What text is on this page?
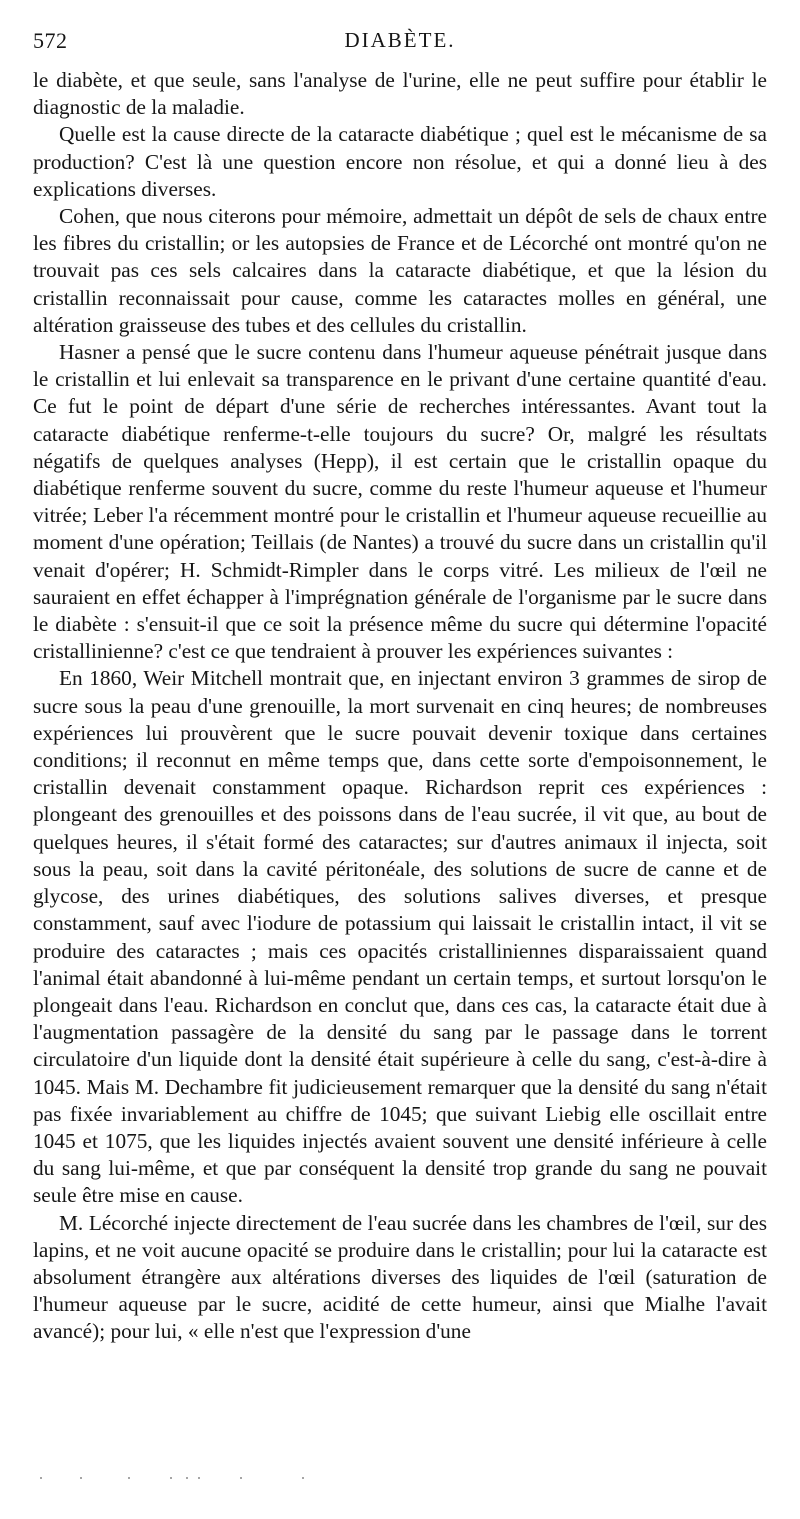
572	DIABÈTE.

le diabète, et que seule, sans l'analyse de l'urine, elle ne peut suffire pour établir le diagnostic de la maladie.

Quelle est la cause directe de la cataracte diabétique ; quel est le mécanisme de sa production? C'est là une question encore non résolue, et qui a donné lieu à des explications diverses.

Cohen, que nous citerons pour mémoire, admettait un dépôt de sels de chaux entre les fibres du cristallin; or les autopsies de France et de Lécorché ont montré qu'on ne trouvait pas ces sels calcaires dans la cataracte diabétique, et que la lésion du cristallin reconnaissait pour cause, comme les cataractes molles en général, une altération graisseuse des tubes et des cellules du cristallin.

Hasner a pensé que le sucre contenu dans l'humeur aqueuse pénétrait jusque dans le cristallin et lui enlevait sa transparence en le privant d'une certaine quantité d'eau. Ce fut le point de départ d'une série de recherches intéressantes. Avant tout la cataracte diabétique renferme-t-elle toujours du sucre? Or, malgré les résultats négatifs de quelques analyses (Hepp), il est certain que le cristallin opaque du diabétique renferme souvent du sucre, comme du reste l'humeur aqueuse et l'humeur vitrée; Leber l'a récemment montré pour le cristallin et l'humeur aqueuse recueillie au moment d'une opération; Teillais (de Nantes) a trouvé du sucre dans un cristallin qu'il venait d'opérer; H. Schmidt-Rimpler dans le corps vitré. Les milieux de l'œil ne sauraient en effet échapper à l'imprégnation générale de l'organisme par le sucre dans le diabète : s'ensuit-il que ce soit la présence même du sucre qui détermine l'opacité cristallinienne? c'est ce que tendraient à prouver les expériences suivantes :

En 1860, Weir Mitchell montrait que, en injectant environ 3 grammes de sirop de sucre sous la peau d'une grenouille, la mort survenait en cinq heures; de nombreuses expériences lui prouvèrent que le sucre pouvait devenir toxique dans certaines conditions; il reconnut en même temps que, dans cette sorte d'empoisonnement, le cristallin devenait constamment opaque. Richardson reprit ces expériences : plongeant des grenouilles et des poissons dans de l'eau sucrée, il vit que, au bout de quelques heures, il s'était formé des cataractes; sur d'autres animaux il injecta, soit sous la peau, soit dans la cavité péritonéale, des solutions de sucre de canne et de glycose, des urines diabétiques, des solutions salives diverses, et presque constamment, sauf avec l'iodure de potassium qui laissait le cristallin intact, il vit se produire des cataractes ; mais ces opacités cristalliniennes disparaissaient quand l'animal était abandonné à lui-même pendant un certain temps, et surtout lorsqu'on le plongeait dans l'eau. Richardson en conclut que, dans ces cas, la cataracte était due à l'augmentation passagère de la densité du sang par le passage dans le torrent circulatoire d'un liquide dont la densité était supérieure à celle du sang, c'est-à-dire à 1045. Mais M. Dechambre fit judicieusement remarquer que la densité du sang n'était pas fixée invariablement au chiffre de 1045; que suivant Liebig elle oscillait entre 1045 et 1075, que les liquides injectés avaient souvent une densité inférieure à celle du sang lui-même, et que par conséquent la densité trop grande du sang ne pouvait seule être mise en cause.

M. Lécorché injecte directement de l'eau sucrée dans les chambres de l'œil, sur des lapins, et ne voit aucune opacité se produire dans le cristallin; pour lui la cataracte est absolument étrangère aux altérations diverses des liquides de l'œil (saturation de l'humeur aqueuse par le sucre, acidité de cette humeur, ainsi que Mialhe l'avait avancé); pour lui, « elle n'est que l'expression d'une
